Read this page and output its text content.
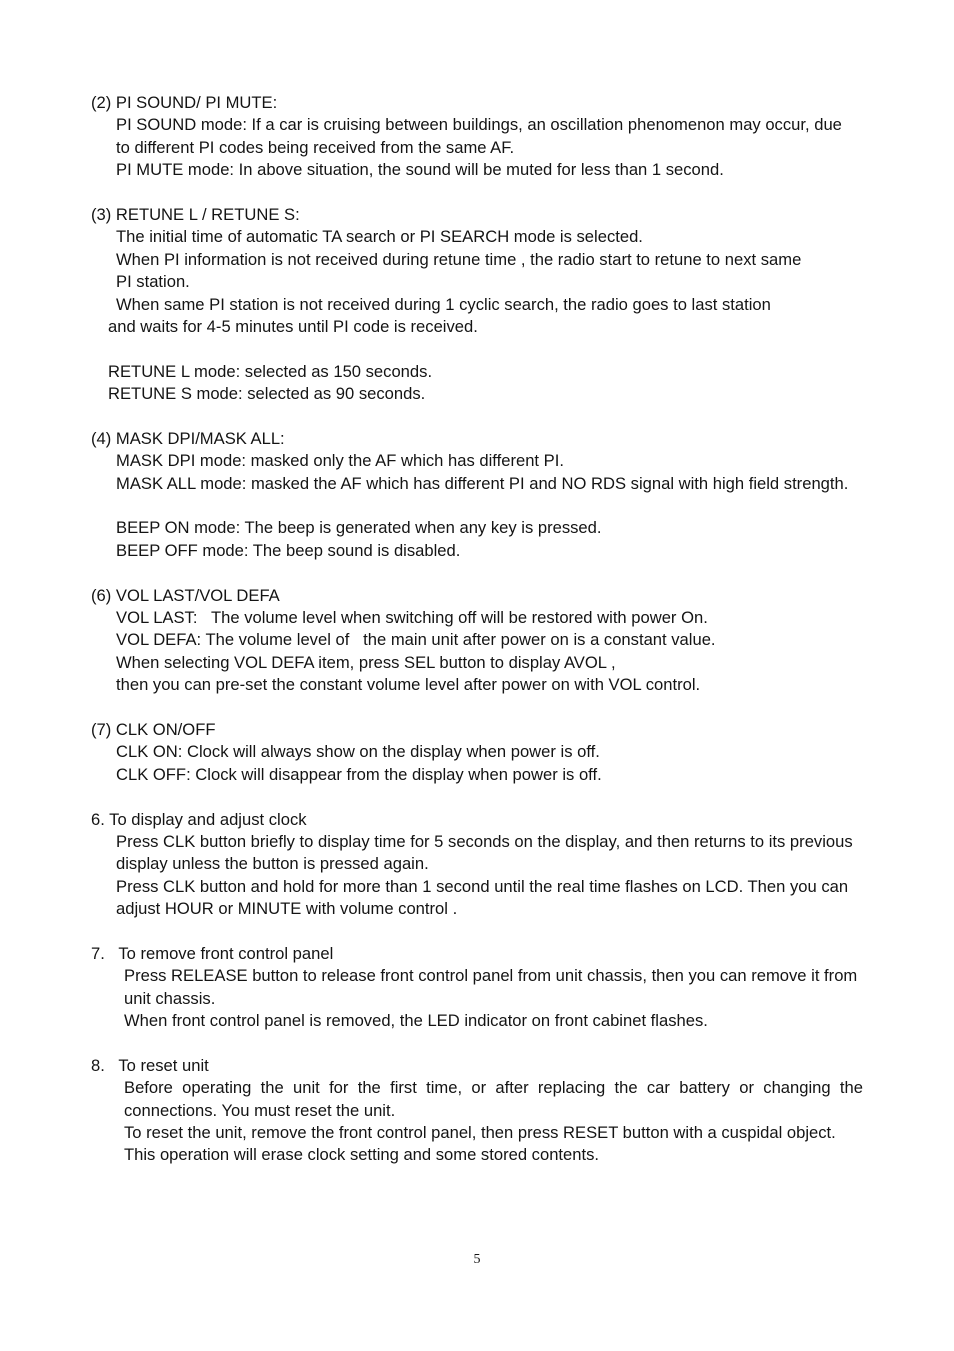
(2) PI SOUND/ PI MUTE:
PI SOUND mode: If a car is cruising between buildings, an oscillation phenomenon may occur, due
to different PI codes being received from the same AF.
PI MUTE mode: In above situation, the sound will be muted for less than 1 second.
(3) RETUNE L / RETUNE S:
The initial time of automatic TA search or PI SEARCH mode is selected.
When PI information is not received during retune time , the radio start to retune to next same
PI station.
When same PI station is not received during 1 cyclic search, the radio goes to last station
and waits for 4-5 minutes until PI code is received.
RETUNE L mode: selected as 150 seconds.
RETUNE S mode: selected as 90 seconds.
(4) MASK DPI/MASK ALL:
MASK DPI mode: masked only the AF which has different PI.
MASK ALL mode: masked the AF which has different PI and NO RDS signal with high field strength.
BEEP ON mode: The beep is generated when any key is pressed.
BEEP OFF mode: The beep sound is disabled.
(6) VOL LAST/VOL DEFA
VOL LAST:   The volume level when switching off will be restored with power On.
VOL DEFA: The volume level of   the main unit after power on is a constant value.
When selecting VOL DEFA item, press SEL button to display AVOL ,
then you can pre-set the constant volume level after power on with VOL control.
(7) CLK ON/OFF
CLK ON: Clock will always show on the display when power is off.
CLK OFF: Clock will disappear from the display when power is off.
6. To display and adjust clock
Press CLK button briefly to display time for 5 seconds on the display, and then returns to its previous
display unless the button is pressed again.
Press CLK button and hold for more than 1 second until the real time flashes on LCD. Then you can
adjust HOUR or MINUTE with volume control .
7.   To remove front control panel
Press RELEASE button to release front control panel from unit chassis, then you can remove it from
unit chassis.
When front control panel is removed, the LED indicator on front cabinet flashes.
8.   To reset unit
Before operating the unit for the first time, or after replacing the car battery or changing the
connections. You must reset the unit.
To reset the unit, remove the front control panel, then press RESET button with a cuspidal object.
This operation will erase clock setting and some stored contents.
5
